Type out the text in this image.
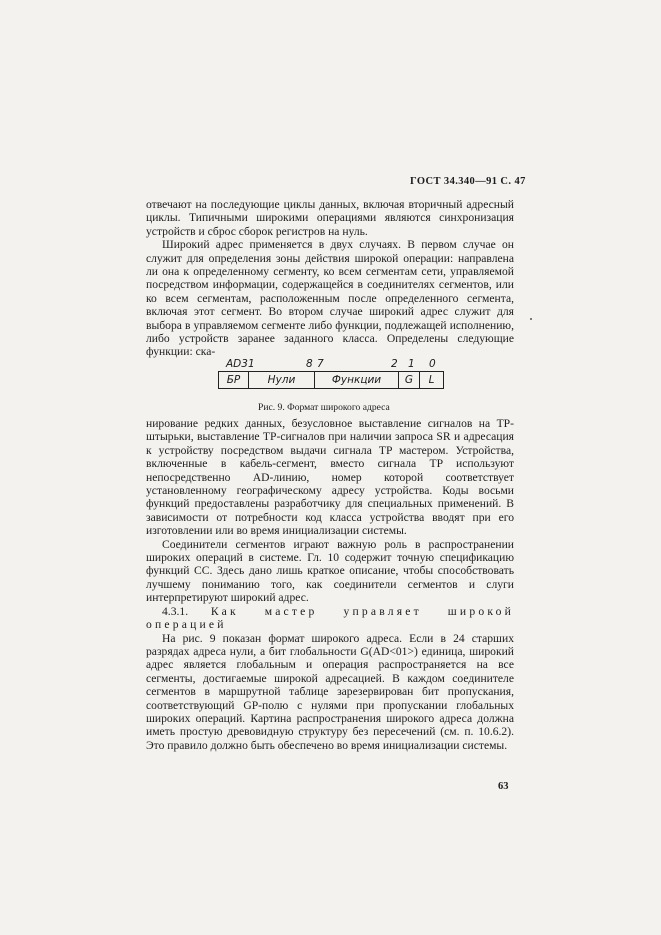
ГОСТ 34.340—91 С. 47

отвечают на последующие циклы данных, включая вторичный адресный циклы. Типичными широкими операциями являются синхронизация устройств и сброс сборок регистров на нуль.

Широкий адрес применяется в двух случаях. В первом случае он служит для определения зоны действия широкой операции: направлена ли она к определенному сегменту, ко всем сегментам сети, управляемой посредством информации, содержащейся в соединителях сегментов, или ко всем сегментам, расположенным после определенного сегмента, включая этот сегмент. Во втором случае широкий адрес служит для выбора в управляемом сегменте либо функции, подлежащей исполнению, либо устройств заранее заданного класса. Определены следующие функции: ска-

AD31	8 7	2 1 0
БР	Нули	Функции	G	L
Рис. 9. Формат широкого адреса

нирование редких данных, безусловное выставление сигналов на TP-штырьки, выставление TP-сигналов при наличии запроса SR и адресация к устройству посредством выдачи сигнала TP мастером. Устройства, включенные в кабель-сегмент, вместо сигнала TP используют непосредственно AD-линию, номер которой соответствует установленному географическому адресу устройства. Коды восьми функций предоставлены разработчику для специальных применений. В зависимости от потребности код класса устройства вводят при его изготовлении или во время инициализации системы.

Соединители сегментов играют важную роль в распространении широких операций в системе. Гл. 10 содержит точную спецификацию функций СС. Здесь дано лишь краткое описание, чтобы способствовать лучшему пониманию того, как соединители сегментов и слуги интерпретируют широкий адрес.

4.3.1. Как мастер управляет широкой операцией

На рис. 9 показан формат широкого адреса. Если в 24 старших разрядах адреса нули, а бит глобальности G(AD<01>) единица, широкий адрес является глобальным и операция распространяется на все сегменты, достигаемые широкой адресацией. В каждом соединителе сегментов в маршрутной таблице зарезервирован бит пропускания, соответствующий GP-полю с нулями при пропускании глобальных широких операций. Картина распространения широкого адреса должна иметь простую древовидную структуру без пересечений (см. п. 10.6.2). Это правило должно быть обеспечено во время инициализации системы.

63
